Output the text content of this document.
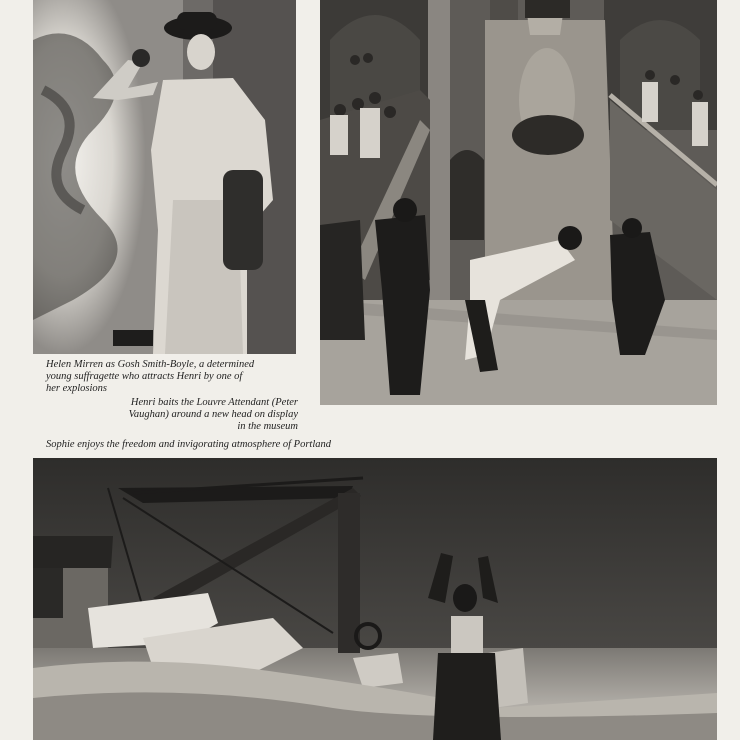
Helen Mirren as Gosh Smith-Boyle, a determined
young suffragette who attracts Henri by one of
her explosions
Henri baits the Louvre Attendant (Peter
Vaughan) around a new head on display
in the museum
Sophie enjoys the freedom and invigorating atmosphere of Portland
